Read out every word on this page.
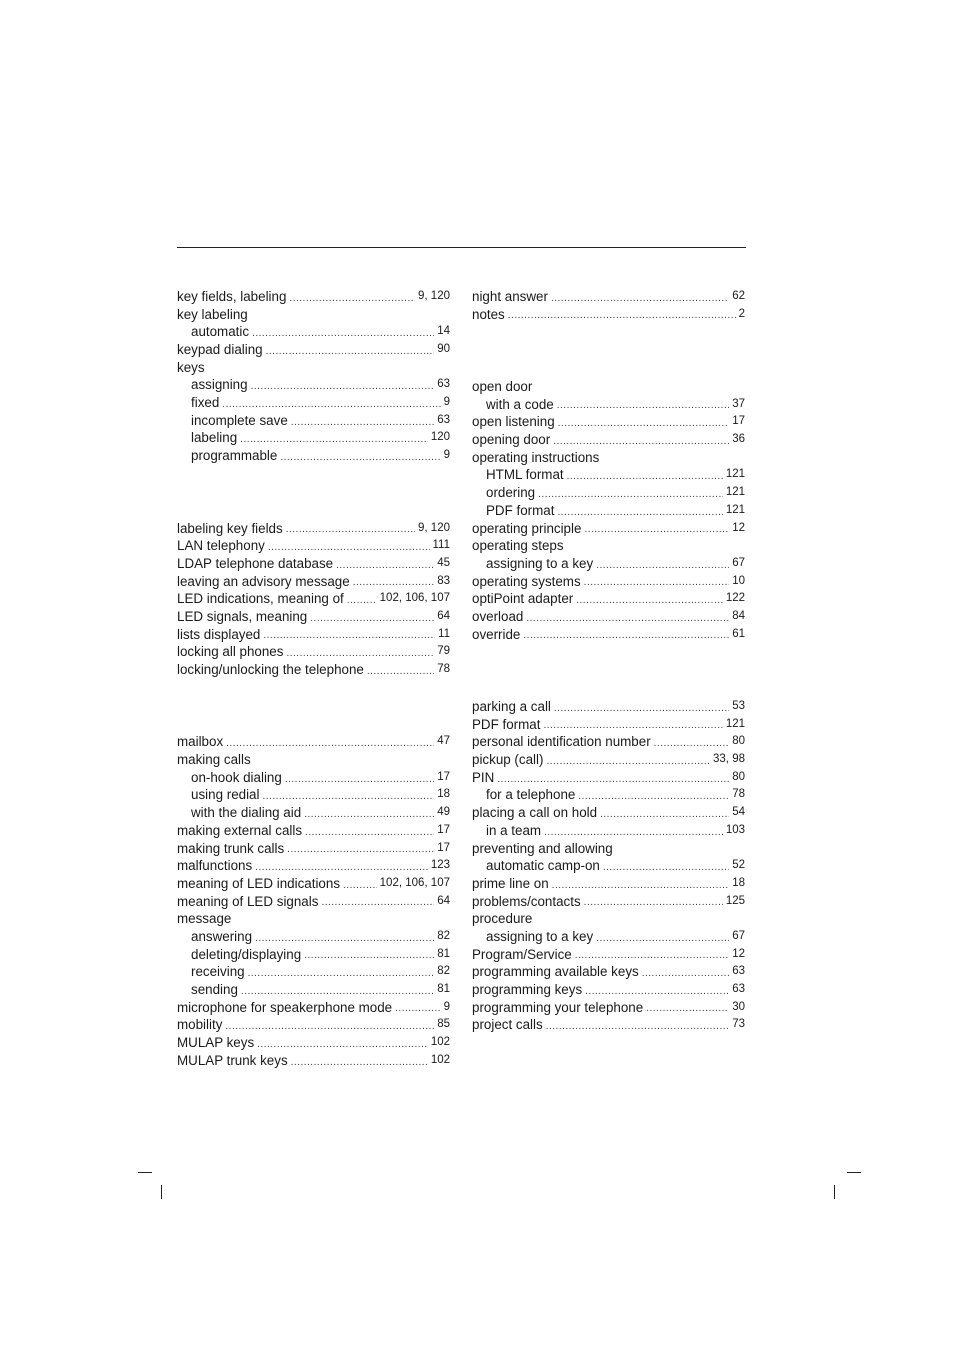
key fields, labeling .....	9, 120
key labeling
automatic .....	14
keypad dialing .....	90
keys
assigning .....	63
fixed .....	9
incomplete save .....	63
labeling .....	120
programmable .....	9
labeling key fields .....	9, 120
LAN telephony .....	111
LDAP telephone database .....	45
leaving an advisory message .....	83
LED indications, meaning of .....	102, 106, 107
LED signals, meaning .....	64
lists displayed .....	11
locking all phones .....	79
locking/unlocking the telephone .....	78
mailbox .....	47
making calls
on-hook dialing .....	17
using redial .....	18
with the dialing aid .....	49
making external calls .....	17
making trunk calls .....	17
malfunctions .....	123
meaning of LED indications .....	102, 106, 107
meaning of LED signals .....	64
message
answering .....	82
deleting/displaying .....	81
receiving .....	82
sending .....	81
microphone for speakerphone mode .....	9
mobility .....	85
MULAP keys .....	102
MULAP trunk keys .....	102
night answer .....	62
notes .....	2
open door
with a code .....	37
open listening .....	17
opening door .....	36
operating instructions
HTML format .....	121
ordering .....	121
PDF format .....	121
operating principle .....	12
operating steps
assigning to a key .....	67
operating systems .....	10
optiPoint adapter .....	122
overload .....	84
override .....	61
parking a call .....	53
PDF format .....	121
personal identification number .....	80
pickup (call) .....	33, 98
PIN .....	80
for a telephone .....	78
placing a call on hold .....	54
in a team .....	103
preventing and allowing
automatic camp-on .....	52
prime line on .....	18
problems/contacts .....	125
procedure
assigning to a key .....	67
Program/Service .....	12
programming available keys .....	63
programming keys .....	63
programming your telephone .....	30
project calls .....	73
